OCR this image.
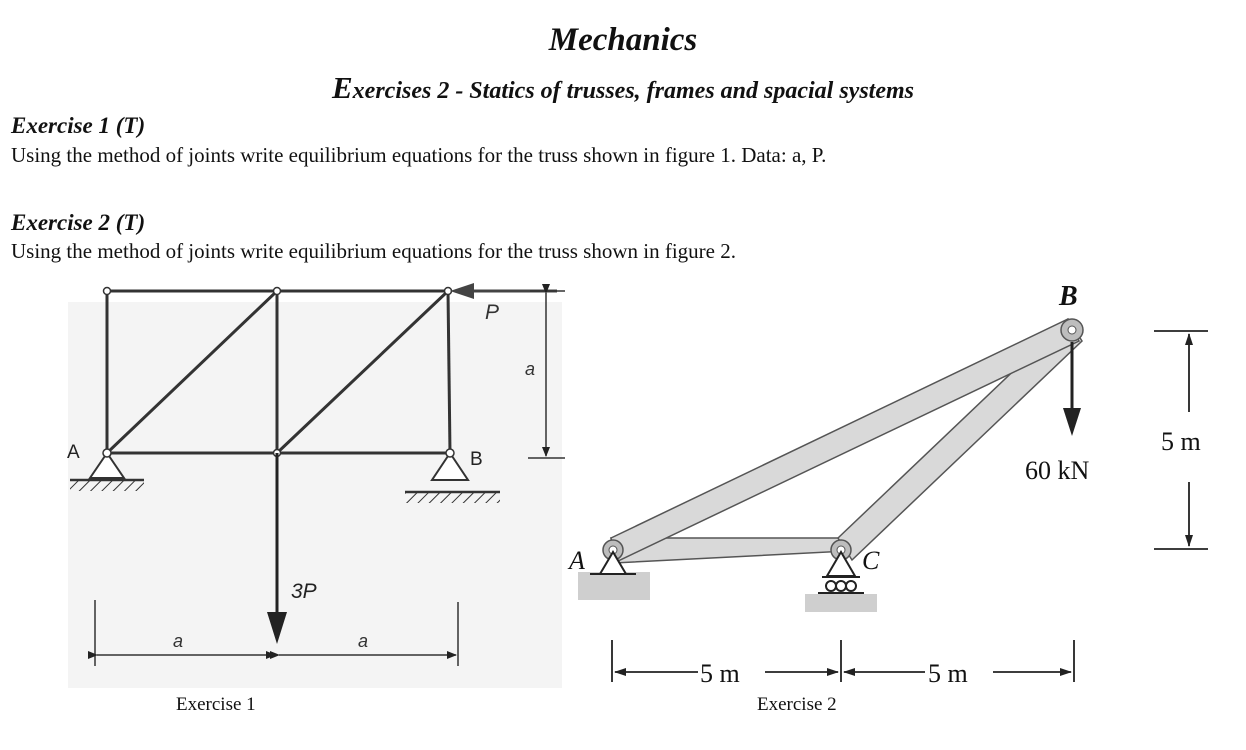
Mechanics
Exercises 2 - Statics of trusses, frames and spacial systems
Exercise 1 (T)
Using the method of joints write equilibrium equations for the truss shown in figure 1. Data: a, P.
Exercise 2 (T)
Using the method of joints write equilibrium equations for the truss shown in figure 2.
A	B
P
a
3P
a	a
A	C
B
60 kN
5 m
5 m	5 m
Exercise 1	Exercise 2
